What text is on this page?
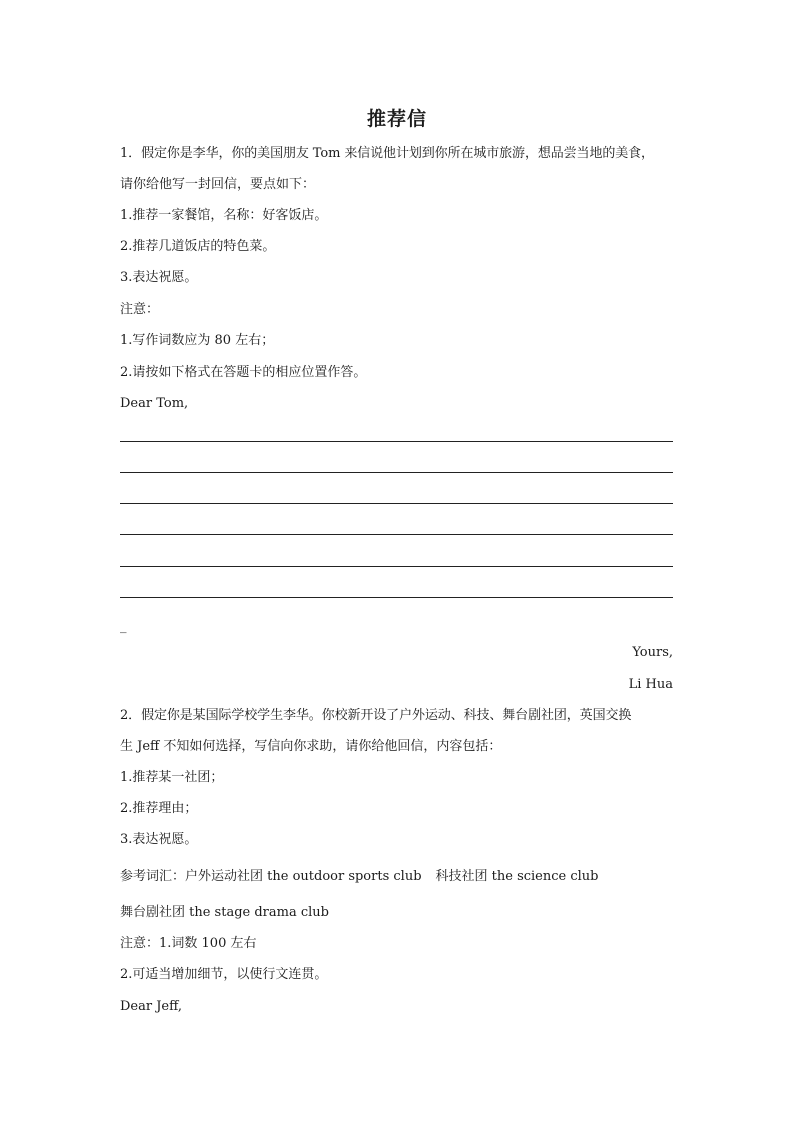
推荐信
1．假定你是李华，你的美国朋友 Tom 来信说他计划到你所在城市旅游，想品尝当地的美食，
请你给他写一封回信，要点如下：
1.推荐一家餐馆，名称：好客饭店。
2.推荐几道饭店的特色菜。
3.表达祝愿。
注意：
1.写作词数应为 80 左右；
2.请按如下格式在答题卡的相应位置作答。
Dear Tom,
_
Yours,
Li Hua
2．假定你是某国际学校学生李华。你校新开设了户外运动、科技、舞台剧社团，英国交换
生 Jeff 不知如何选择，写信向你求助，请你给他回信，内容包括：
1.推荐某一社团；
2.推荐理由；
3.表达祝愿。
参考词汇：户外运动社团 the outdoor sports club 科技社团 the science club
舞台剧社团 the stage drama club
注意：1.词数 100 左右
2.可适当增加细节，以使行文连贯。
Dear Jeff,
